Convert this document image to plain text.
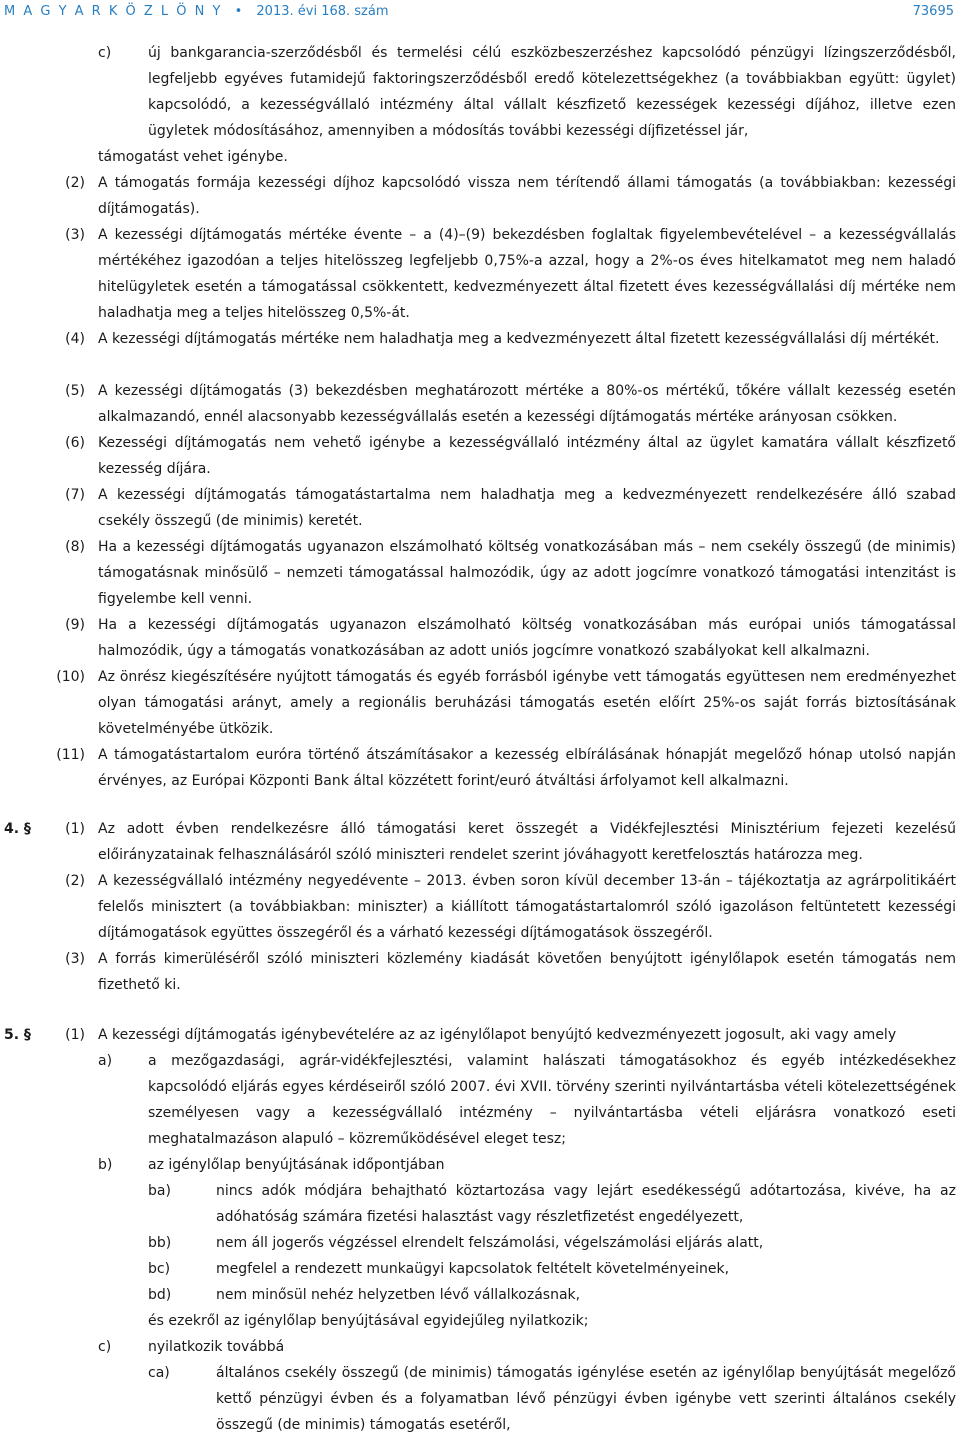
M A G Y A R K Ö Z L Ö N Y • 2013. évi 168. szám	73695
c)	új bankgarancia-szerződésből és termelési célú eszközbeszerzéshez kapcsolódó pénzügyi lízingszerződésből, legfeljebb egyéves futamidejű faktoringszerződésből eredő kötelezettségekhez (a továbbiakban együtt: ügylet) kapcsolódó, a kezességvállaló intézmény által vállalt készfizető kezességek kezességi díjához, illetve ezen ügyletek módosításához, amennyiben a módosítás további kezességi díjfizetéssel jár,

támogatást vehet igénybe.

(2) A támogatás formája kezességi díjhoz kapcsolódó vissza nem térítendő állami támogatás (a továbbiakban: kezességi díjtámogatás).

(3) A kezességi díjtámogatás mértéke évente – a (4)–(9) bekezdésben foglaltak figyelembevételével – a kezességvállalás mértékéhez igazodóan a teljes hitelösszeg legfeljebb 0,75%-a azzal, hogy a 2%-os éves hitelkamatot meg nem haladó hitelügyletek esetén a támogatással csökkentett, kedvezményezett által fizetett éves kezességvállalási díj mértéke nem haladhatja meg a teljes hitelösszeg 0,5%-át.

(4) A kezességi díjtámogatás mértéke nem haladhatja meg a kedvezményezett által fizetett kezességvállalási díj mértékét.

(5) A kezességi díjtámogatás (3) bekezdésben meghatározott mértéke a 80%-os mértékű, tőkére vállalt kezesség esetén alkalmazandó, ennél alacsonyabb kezességvállalás esetén a kezességi díjtámogatás mértéke arányosan csökken.

(6) Kezességi díjtámogatás nem vehető igénybe a kezességvállaló intézmény által az ügylet kamatára vállalt készfizető kezesség díjára.

(7) A kezességi díjtámogatás támogatástartalma nem haladhatja meg a kedvezményezett rendelkezésére álló szabad csekély összegű (de minimis) keretét.

(8) Ha a kezességi díjtámogatás ugyanazon elszámolható költség vonatkozásában más – nem csekély összegű (de minimis) támogatásnak minősülő – nemzeti támogatással halmozódik, úgy az adott jogcímre vonatkozó támogatási intenzitást is figyelembe kell venni.

(9) Ha a kezességi díjtámogatás ugyanazon elszámolható költség vonatkozásában más európai uniós támogatással halmozódik, úgy a támogatás vonatkozásában az adott uniós jogcímre vonatkozó szabályokat kell alkalmazni.

(10) Az önrész kiegészítésére nyújtott támogatás és egyéb forrásból igénybe vett támogatás együttesen nem eredményezhet olyan támogatási arányt, amely a regionális beruházási támogatás esetén előírt 25%-os saját forrás biztosításának követelményébe ütközik.

(11) A támogatástartalom euróra történő átszámításakor a kezesség elbírálásának hónapját megelőző hónap utolsó napján érvényes, az Európai Központi Bank által közzétett forint/euró átváltási árfolyamot kell alkalmazni.

4. §	(1) Az adott évben rendelkezésre álló támogatási keret összegét a Vidékfejlesztési Minisztérium fejezeti kezelésű előirányzatainak felhasználásáról szóló miniszteri rendelet szerint jóváhagyott keretfelosztás határozza meg.

(2) A kezességvállaló intézmény negyedévente – 2013. évben soron kívül december 13-án – tájékoztatja az agrárpolitikáért felelős minisztert (a továbbiakban: miniszter) a kiállított támogatástartalomról szóló igazoláson feltüntetett kezességi díjtámogatások együttes összegéről és a várható kezességi díjtámogatások összegéről.

(3) A forrás kimerüléséről szóló miniszteri közlemény kiadását követően benyújtott igénylőlapok esetén támogatás nem fizethető ki.

5. §	(1) A kezességi díjtámogatás igénybevételére az az igénylőlapot benyújtó kedvezményezett jogosult, aki vagy amely

a)	a mezőgazdasági, agrár-vidékfejlesztési, valamint halászati támogatásokhoz és egyéb intézkedésekhez kapcsolódó eljárás egyes kérdéseiről szóló 2007. évi XVII. törvény szerinti nyilvántartásba vételi kötelezettségének személyesen vagy a kezességvállaló intézmény – nyilvántartásba vételi eljárásra vonatkozó eseti meghatalmazáson alapuló – közreműködésével eleget tesz;

b)	az igénylőlap benyújtásának időpontjában

ba)	nincs adók módjára behajtható köztartozása vagy lejárt esedékességű adótartozása, kivéve, ha az adóhatóság számára fizetési halasztást vagy részletfizetést engedélyezett,

bb)	nem áll jogerős végzéssel elrendelt felszámolási, végelszámolási eljárás alatt,

bc)	megfelel a rendezett munkaügyi kapcsolatok feltételt követelményeinek,

bd)	nem minősül nehéz helyzetben lévő vállalkozásnak,

és ezekről az igénylőlap benyújtásával egyidejűleg nyilatkozik;

c)	nyilatkozik továbbá

ca)	általános csekély összegű (de minimis) támogatás igénylése esetén az igénylőlap benyújtását megelőző kettő pénzügyi évben és a folyamatban lévő pénzügyi évben igénybe vett szerinti általános csekély összegű (de minimis) támogatás esetéről,
